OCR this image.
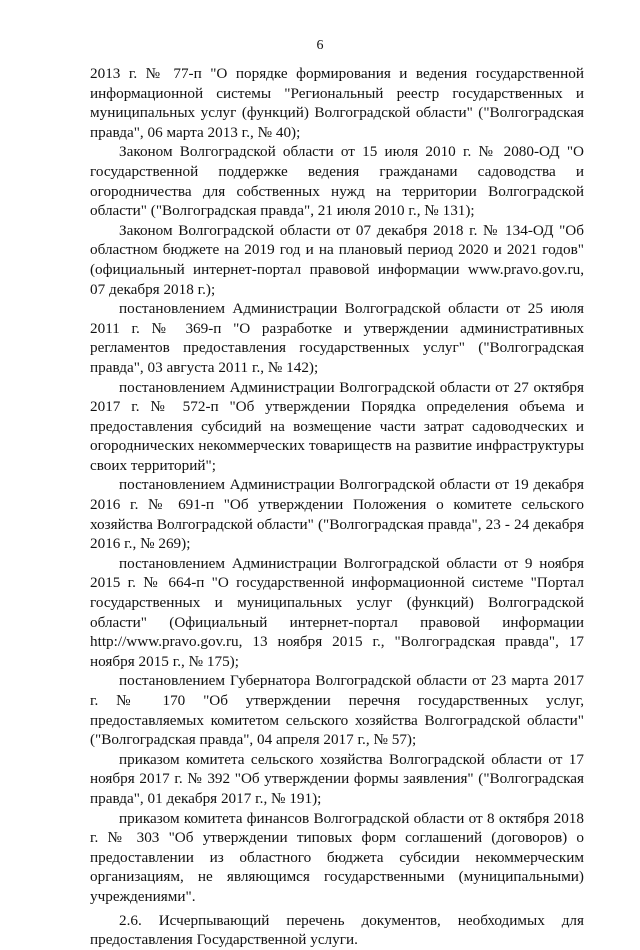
6

2013 г. № 77-п "О порядке формирования и ведения государственной информационной системы "Региональный реестр государственных и муниципальных услуг (функций) Волгоградской области" ("Волгоградская правда", 06 марта 2013 г., № 40);

Законом Волгоградской области от 15 июля 2010 г. № 2080-ОД "О государственной поддержке ведения гражданами садоводства и огородничества для собственных нужд на территории Волгоградской области" ("Волгоградская правда", 21 июля 2010 г., № 131);

Законом Волгоградской области от 07 декабря 2018 г. № 134-ОД "Об областном бюджете на 2019 год и на плановый период 2020 и 2021 годов" (официальный интернет-портал правовой информации www.pravo.gov.ru, 07 декабря 2018 г.);

постановлением Администрации Волгоградской области от 25 июля 2011 г. № 369-п "О разработке и утверждении административных регламентов предоставления государственных услуг" ("Волгоградская правда", 03 августа 2011 г., № 142);

постановлением Администрации Волгоградской области от 27 октября 2017 г. № 572-п "Об утверждении Порядка определения объема и предоставления субсидий на возмещение части затрат садоводческих и огороднических некоммерческих товариществ на развитие инфраструктуры своих территорий";

постановлением Администрации Волгоградской области от 19 декабря 2016 г. № 691-п "Об утверждении Положения о комитете сельского хозяйства Волгоградской области" ("Волгоградская правда", 23 - 24 декабря 2016 г., № 269);

постановлением Администрации Волгоградской области от 9 ноября 2015 г. № 664-п "О государственной информационной системе "Портал государственных и муниципальных услуг (функций) Волгоградской области" (Официальный интернет-портал правовой информации http://www.pravo.gov.ru, 13 ноября 2015 г., "Волгоградская правда", 17 ноября 2015 г., № 175);

постановлением Губернатора Волгоградской области от 23 марта 2017 г. № 170 "Об утверждении перечня государственных услуг, предоставляемых комитетом сельского хозяйства Волгоградской области" ("Волгоградская правда", 04 апреля 2017 г., № 57);

приказом комитета сельского хозяйства Волгоградской области от 17 ноября 2017 г. № 392 "Об утверждении формы заявления" ("Волгоградская правда", 01 декабря 2017 г., № 191);

приказом комитета финансов Волгоградской области от 8 октября 2018 г. № 303 "Об утверждении типовых форм соглашений (договоров) о предоставлении из областного бюджета субсидии некоммерческим организациям, не являющимся государственными (муниципальными) учреждениями".

2.6. Исчерпывающий перечень документов, необходимых для предоставления Государственной услуги.
